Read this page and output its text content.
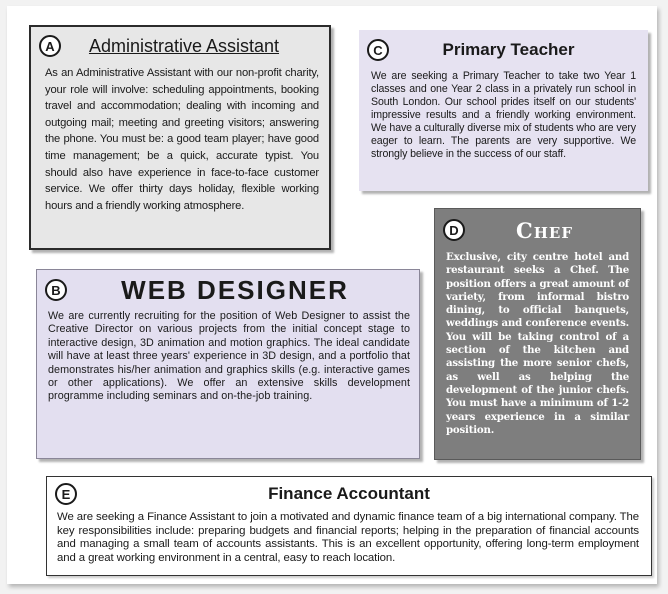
A	Administrative Assistant

As an Administrative Assistant with our non-profit charity, your role will involve: scheduling appointments, booking travel and accommodation; dealing with incoming and outgoing mail; meeting and greeting visitors; answering the phone. You must be: a good team player; have good time management; be a quick, accurate typist. You should also have experience in face-to-face customer service. We offer thirty days holiday, flexible working hours and a friendly working atmosphere.

C	Primary Teacher

We are seeking a Primary Teacher to take two Year 1 classes and one Year 2 class in a privately run school in South London. Our school prides itself on our students' impressive results and a friendly working environment. We have a culturally diverse mix of students who are very eager to learn. The parents are very supportive. We strongly believe in the success of our staff.

B WEB DESIGNER

We are currently recruiting for the position of Web Designer to assist the Creative Director on various projects from the initial concept stage to interactive design, 3D animation and motion graphics. The ideal candidate will have at least three years' experience in 3D design, and a portfolio that demonstrates his/her animation and graphics skills (e.g. interactive games or other applications). We offer an extensive skills development programme including seminars and on-the-job training.

D	Chef

Exclusive, city centre hotel and restaurant seeks a Chef. The position offers a great amount of variety, from informal bistro dining, to official banquets, weddings and conference events. You will be taking control of a section of the kitchen and assisting the more senior chefs, as well as helping the development of the junior chefs. You must have a minimum of 1-2 years experience in a similar position.

E	Finance Accountant

We are seeking a Finance Assistant to join a motivated and dynamic finance team of a big international company. The key responsibilities include: preparing budgets and financial reports; helping in the preparation of financial accounts and managing a small team of accounts assistants. This is an excellent opportunity, offering long-term employment and a great working environment in a central, easy to reach location.
